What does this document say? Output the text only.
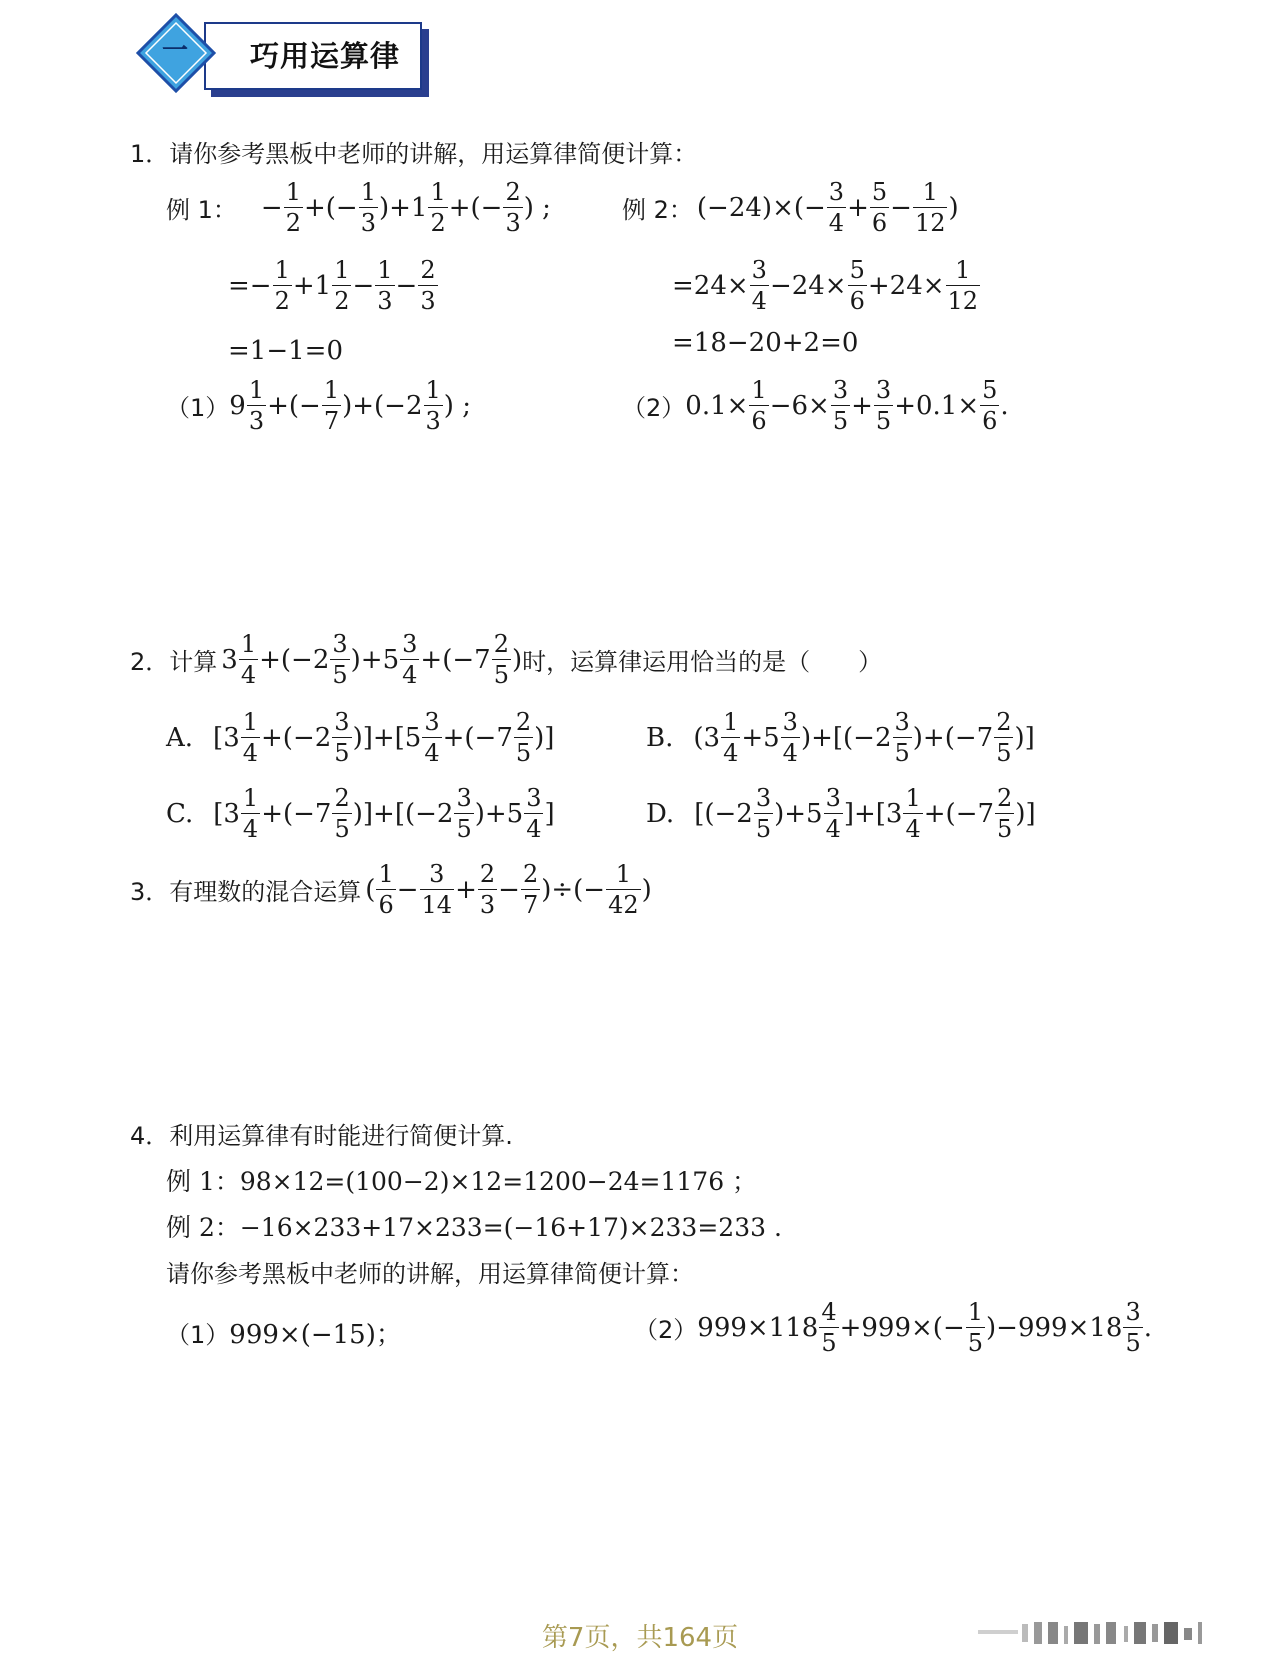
一	巧用运算律
1．请你参考黑板中老师的讲解，用运算律简便计算：
例 1： − $\frac{1}{2}$ +(− $\frac{1}{3} )+1 \frac{1}{2}$ +(− $\frac{2}{3}$ ) ;
=− $\frac{1}{2} +1 \frac{1}{2} - \frac{1}{3} - \frac{2}{3}$
=1−1=0
例 2： $(-24)\times(- \frac{3}{4} + \frac{5}{6} - \frac{1}{12}$ )
$=24\times \frac{3}{4} -24\times \frac{5}{6} +24\times \frac{1}{12}$
=18−20+2=0
（1） $9 \frac{1}{3}$ +(− $\frac{1}{7} )+(-2 \frac{1}{3}$ ) ;	（2） $0.1\times \frac{1}{6} -6\times \frac{3}{5} + \frac{3}{5} +0.1\times \frac{5}{6}$ .
2．计算 $3 \frac{1}{4} +(-2 \frac{3}{5} )+5 \frac{3}{4} +(-7 \frac{2}{5}$ ) 时，运算律运用恰当的是（　　）
A. $[3 \frac{1}{4} +(-2 \frac{3}{5} )]+[5 \frac{3}{4} +(-7 \frac{2}{5}$ )]	B. $(3 \frac{1}{4} +5 \frac{3}{4} )+[(-2 \frac{3}{5} )+(-7 \frac{2}{5}$ )]
C. $[3 \frac{1}{4} +(-7 \frac{2}{5} )]+[(-2 \frac{3}{5} )+5 \frac{3}{4}$ ]	D. $[(-2 \frac{3}{5} )+5 \frac{3}{4} ]+[3 \frac{1}{4} +(-7 \frac{2}{5}$ )]
3．有理数的混合运算 ( $\frac{1}{6} - \frac{3}{14} + \frac{2}{3} - \frac{2}{7}$ )÷(− $\frac{1}{42}$ )
4．利用运算律有时能进行简便计算.
例 1：98×12=(100−2)×12=1200−24=1176 ；
例 2：−16×233+17×233=(−16+17)×233=233 .
请你参考黑板中老师的讲解，用运算律简便计算：
（1） 999×(−15)；	（2） $999\times 118 \frac{4}{5} +999\times(- \frac{1}{5} )-999\times 18 \frac{3}{5}$ .
第7页，共164页
